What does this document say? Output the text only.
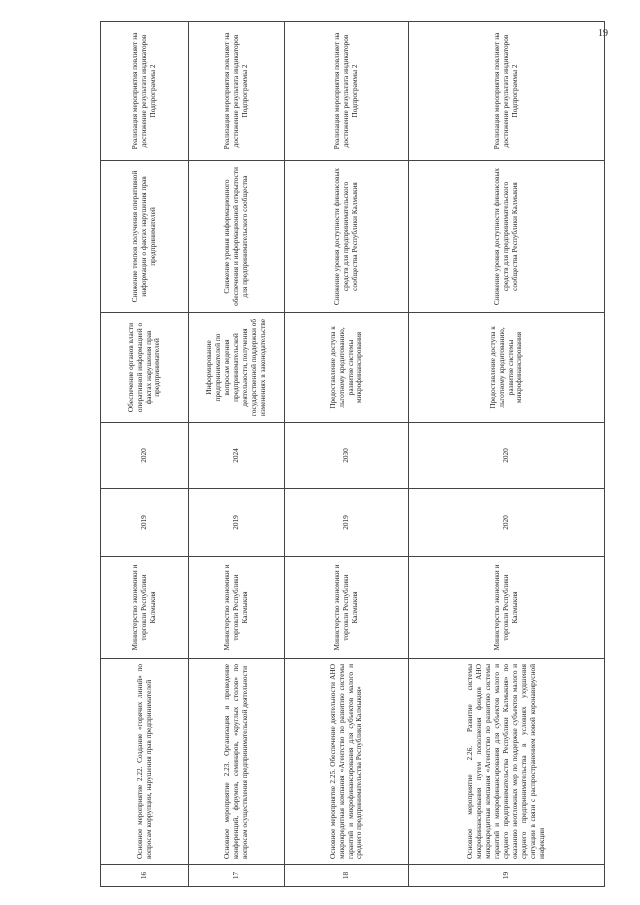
19
16	Основное мероприятие 2.22. Создание «горячих линий» по вопросам коррупции, нарушения прав предпринимателей	Министерство экономики и торговли Республики Калмыкия	2019	2020	Обеспечение органов власти оперативной информацией о фактах нарушения прав предпринимателей	Снижение темпов получения оперативной информации о фактах нарушения прав предпринимателей	Реализация мероприятия повлияет на достижение результата индикаторов Подпрограммы 2
17	Основное мероприятие 2.23. Организация и проведение конференций, форумов, семинаров, «круглых столов» по вопросам осуществления предпринимательской деятельности	Министерство экономики и торговли Республики Калмыкия	2019	2024	Информирование предпринимателей по вопросам ведения предпринимательской деятельности, получения государственной поддержки об изменениях в законодательстве	Снижение уровня информационного обеспечения и информационной открытости для предпринимательского сообщества	Реализация мероприятия повлияет на достижение результата индикаторов Подпрограммы 2
18	Основное мероприятие 2.25. Обеспечение деятельности АНО микрокредитная компания «Агентство по развитию системы гарантий и микрофинансирования для субъектов малого и среднего предпринимательства Республики Калмыкия»	Министерство экономики и торговли Республики Калмыкия	2019	2030	Предоставление доступа к льготному кредитованию, развитие системы микрофинансирования	Снижение уровня доступности финансовых средств для предпринимательского сообщества Республики Калмыкия	Реализация мероприятия повлияет на достижение результата индикаторов Подпрограммы 2
19	Основное мероприятие 2.26. Развитие системы микрофинансирования путем пополнения фондов АНО микрокредитная компания «Агентство по развитию системы гарантий и микрофинансирования для субъектов малого и среднего предпринимательства Республики Калмыкия» по оказанию неотложных мер по поддержке субъектов малого и среднего предпринимательства в условиях ухудшения ситуации в связи с распространением новой коронавирусной инфекции	Министерство экономики и торговли Республики Калмыкия	2020	2020	Предоставление доступа к льготному кредитованию, развитие системы микрофинансирования	Снижение уровня доступности финансовых средств для предпринимательского сообщества Республики Калмыкия	Реализация мероприятия повлияет на достижение результата индикаторов Подпрограммы 2
